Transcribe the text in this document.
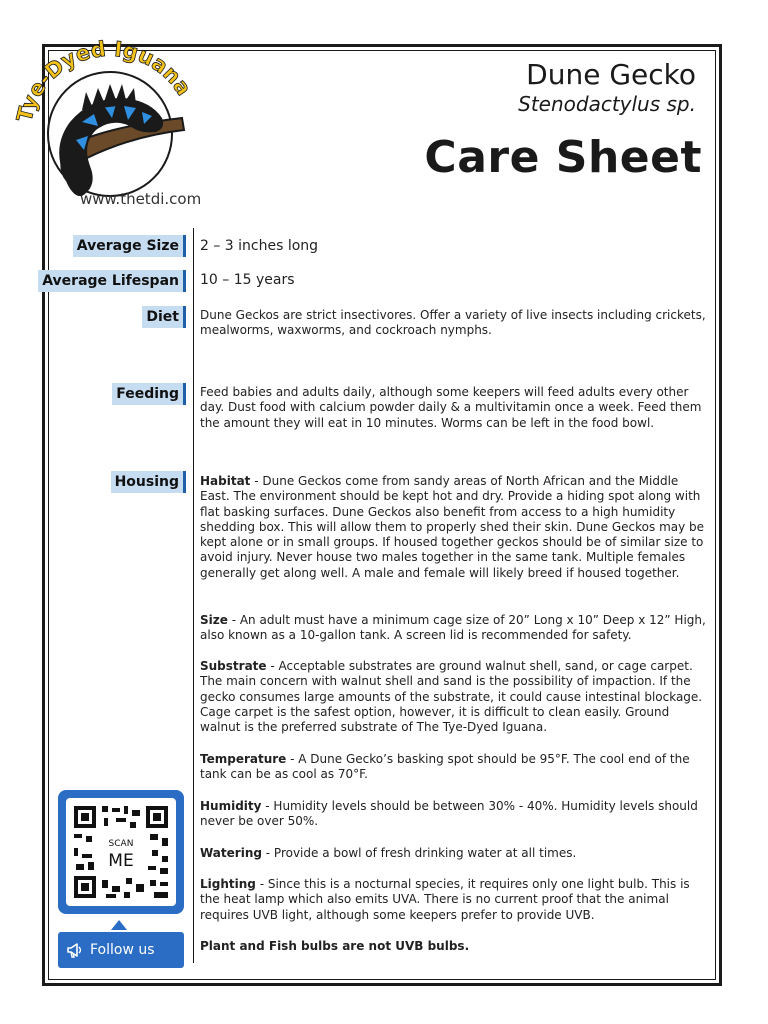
Tye-Dyed Iguana
www.thetdi.com
Dune Gecko
Stenodactylus sp.
Care Sheet
Average Size	2 – 3 inches long
Average Lifespan	10 – 15 years
Diet	Dune Geckos are strict insectivores. Offer a variety of live insects including crickets, mealworms, waxworms, and cockroach nymphs.
Feeding	Feed babies and adults daily, although some keepers will feed adults every other day. Dust food with calcium powder daily & a multivitamin once a week. Feed them the amount they will eat in 10 minutes. Worms can be left in the food bowl.
Housing	Habitat - Dune Geckos come from sandy areas of North African and the Middle East. The environment should be kept hot and dry. Provide a hiding spot along with flat basking surfaces. Dune Geckos also benefit from access to a high humidity shedding box. This will allow them to properly shed their skin. Dune Geckos may be kept alone or in small groups. If housed together geckos should be of similar size to avoid injury. Never house two males together in the same tank. Multiple females generally get along well. A male and female will likely breed if housed together.
Size - An adult must have a minimum cage size of 20” Long x 10” Deep x 12” High, also known as a 10-gallon tank. A screen lid is recommended for safety.
Substrate - Acceptable substrates are ground walnut shell, sand, or cage carpet. The main concern with walnut shell and sand is the possibility of impaction. If the gecko consumes large amounts of the substrate, it could cause intestinal blockage. Cage carpet is the safest option, however, it is difficult to clean easily. Ground walnut is the preferred substrate of The Tye-Dyed Iguana.
Temperature - A Dune Gecko’s basking spot should be 95°F. The cool end of the tank can be as cool as 70°F.
Humidity - Humidity levels should be between 30% - 40%. Humidity levels should never be over 50%.
Watering - Provide a bowl of fresh drinking water at all times.
Lighting - Since this is a nocturnal species, it requires only one light bulb. This is the heat lamp which also emits UVA. There is no current proof that the animal requires UVB light, although some keepers prefer to provide UVB.
Plant and Fish bulbs are not UVB bulbs.
SCAN
ME
Follow us
